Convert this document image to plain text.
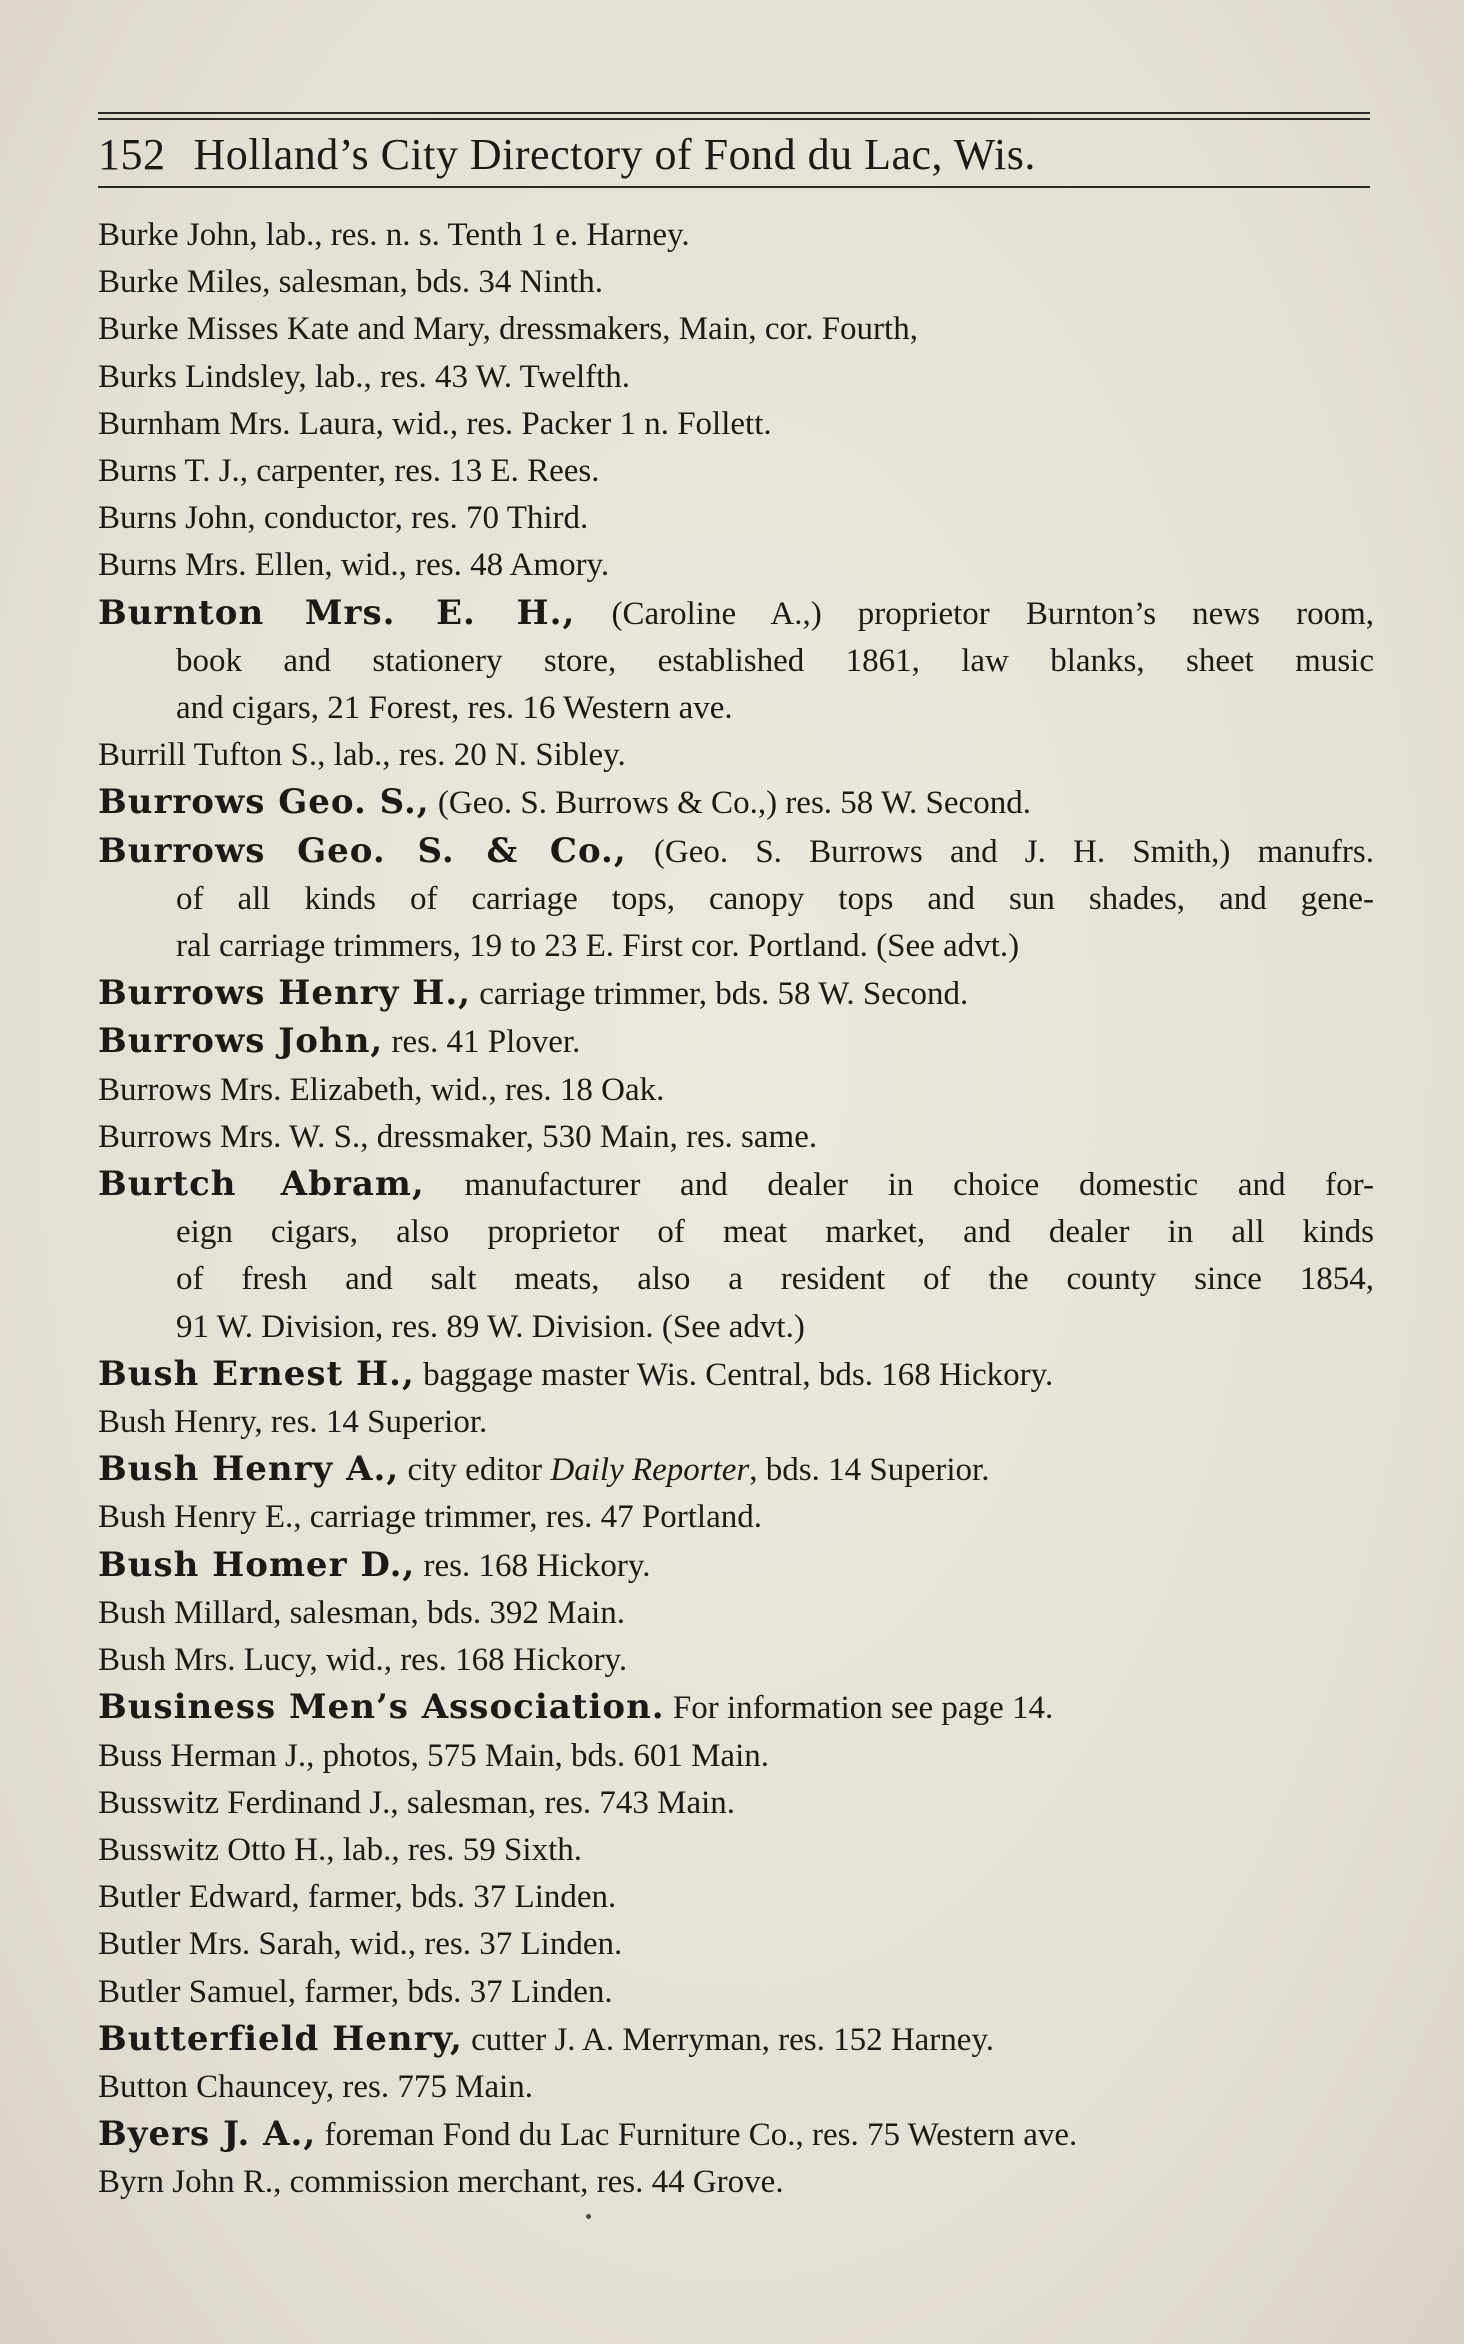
152 Holland’s City Directory of Fond du Lac, Wis.
Burke John, lab., res. n. s. Tenth 1 e. Harney.
Burke Miles, salesman, bds. 34 Ninth.
Burke Misses Kate and Mary, dressmakers, Main, cor. Fourth,
Burks Lindsley, lab., res. 43 W. Twelfth.
Burnham Mrs. Laura, wid., res. Packer 1 n. Follett.
Burns T. J., carpenter, res. 13 E. Rees.
Burns John, conductor, res. 70 Third.
Burns Mrs. Ellen, wid., res. 48 Amory.
Burnton Mrs. E. H., (Caroline A.,) proprietor Burnton’s news room,
book and stationery store, established 1861, law blanks, sheet music
and cigars, 21 Forest, res. 16 Western ave.
Burrill Tufton S., lab., res. 20 N. Sibley.
Burrows Geo. S., (Geo. S. Burrows & Co.,) res. 58 W. Second.
Burrows Geo. S. & Co., (Geo. S. Burrows and J. H. Smith,) manufrs.
of all kinds of carriage tops, canopy tops and sun shades, and gene-
ral carriage trimmers, 19 to 23 E. First cor. Portland. (See advt.)
Burrows Henry H., carriage trimmer, bds. 58 W. Second.
Burrows John, res. 41 Plover.
Burrows Mrs. Elizabeth, wid., res. 18 Oak.
Burrows Mrs. W. S., dressmaker, 530 Main, res. same.
Burtch Abram, manufacturer and dealer in choice domestic and for-
eign cigars, also proprietor of meat market, and dealer in all kinds
of fresh and salt meats, also a resident of the county since 1854,
91 W. Division, res. 89 W. Division. (See advt.)
Bush Ernest H., baggage master Wis. Central, bds. 168 Hickory.
Bush Henry, res. 14 Superior.
Bush Henry A., city editor Daily Reporter, bds. 14 Superior.
Bush Henry E., carriage trimmer, res. 47 Portland.
Bush Homer D., res. 168 Hickory.
Bush Millard, salesman, bds. 392 Main.
Bush Mrs. Lucy, wid., res. 168 Hickory.
Business Men’s Association. For information see page 14.
Buss Herman J., photos, 575 Main, bds. 601 Main.
Busswitz Ferdinand J., salesman, res. 743 Main.
Busswitz Otto H., lab., res. 59 Sixth.
Butler Edward, farmer, bds. 37 Linden.
Butler Mrs. Sarah, wid., res. 37 Linden.
Butler Samuel, farmer, bds. 37 Linden.
Butterfield Henry, cutter J. A. Merryman, res. 152 Harney.
Button Chauncey, res. 775 Main.
Byers J. A., foreman Fond du Lac Furniture Co., res. 75 Western ave.
Byrn John R., commission merchant, res. 44 Grove.
